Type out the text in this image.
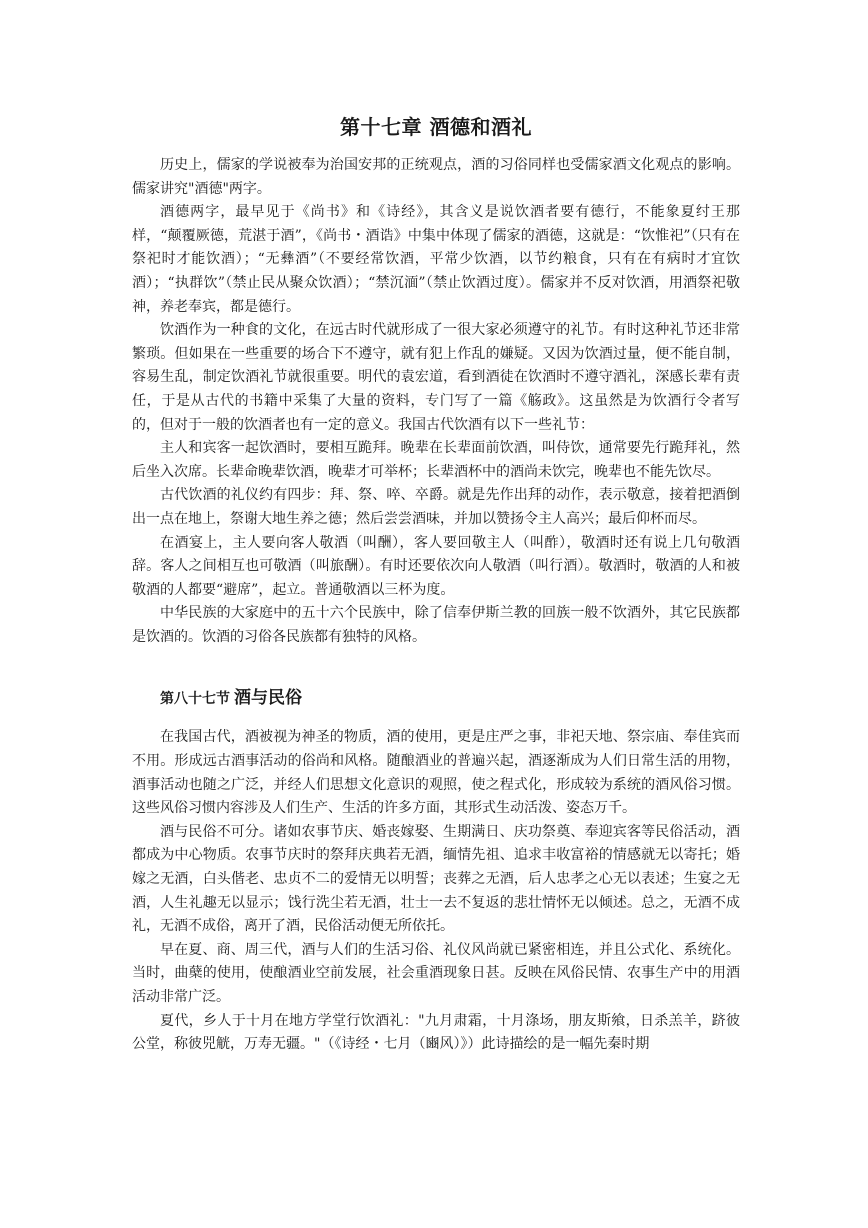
第十七章 酒德和酒礼

历史上，儒家的学说被奉为治国安邦的正统观点，酒的习俗同样也受儒家酒文化观点的影响。儒家讲究"酒德"两字。

酒德两字，最早见于《尚书》和《诗经》，其含义是说饮酒者要有德行，不能象夏纣王那样，“颠覆厥德，荒湛于酒”，《尚书・酒诰》中集中体现了儒家的酒德，这就是：“饮惟祀”（只有在祭祀时才能饮酒）；“无彝酒”（不要经常饮酒，平常少饮酒，以节约粮食，只有在有病时才宜饮酒）；“执群饮”（禁止民从聚众饮酒）；“禁沉湎”（禁止饮酒过度）。儒家并不反对饮酒，用酒祭祀敬神，养老奉宾，都是德行。

饮酒作为一种食的文化，在远古时代就形成了一很大家必须遵守的礼节。有时这种礼节还非常繁琐。但如果在一些重要的场合下不遵守，就有犯上作乱的嫌疑。又因为饮酒过量，便不能自制，容易生乱，制定饮酒礼节就很重要。明代的袁宏道，看到酒徒在饮酒时不遵守酒礼，深感长辈有责任，于是从古代的书籍中采集了大量的资料，专门写了一篇《觞政》。这虽然是为饮酒行令者写的，但对于一般的饮酒者也有一定的意义。我国古代饮酒有以下一些礼节：

主人和宾客一起饮酒时，要相互跪拜。晚辈在长辈面前饮酒，叫侍饮，通常要先行跪拜礼，然后坐入次席。长辈命晚辈饮酒，晚辈才可举杯；长辈酒杯中的酒尚未饮完，晚辈也不能先饮尽。

古代饮酒的礼仪约有四步：拜、祭、啐、卒爵。就是先作出拜的动作，表示敬意，接着把酒倒出一点在地上，祭谢大地生养之德；然后尝尝酒味，并加以赞扬令主人高兴；最后仰杯而尽。

在酒宴上，主人要向客人敬酒（叫酬），客人要回敬主人（叫酢），敬酒时还有说上几句敬酒辞。客人之间相互也可敬酒（叫旅酬）。有时还要依次向人敬酒（叫行酒）。敬酒时，敬酒的人和被敬酒的人都要“避席”，起立。普通敬酒以三杯为度。

中华民族的大家庭中的五十六个民族中，除了信奉伊斯兰教的回族一般不饮酒外，其它民族都是饮酒的。饮酒的习俗各民族都有独特的风格。

第八十七节 酒与民俗

在我国古代，酒被视为神圣的物质，酒的使用，更是庄严之事，非祀天地、祭宗庙、奉佳宾而不用。形成远古酒事活动的俗尚和风格。随酿酒业的普遍兴起，酒逐渐成为人们日常生活的用物，酒事活动也随之广泛，并经人们思想文化意识的观照，使之程式化，形成较为系统的酒风俗习惯。这些风俗习惯内容涉及人们生产、生活的许多方面，其形式生动活泼、姿态万千。

酒与民俗不可分。诸如农事节庆、婚丧嫁娶、生期满日、庆功祭奠、奉迎宾客等民俗活动，酒都成为中心物质。农事节庆时的祭拜庆典若无酒，缅情先祖、追求丰收富裕的情感就无以寄托；婚嫁之无酒，白头偕老、忠贞不二的爱情无以明誓；丧葬之无酒，后人忠孝之心无以表述；生宴之无酒，人生礼趣无以显示；饯行洗尘若无酒，壮士一去不复返的悲壮情怀无以倾述。总之，无酒不成礼，无酒不成俗，离开了酒，民俗活动便无所依托。

早在夏、商、周三代，酒与人们的生活习俗、礼仪风尚就已紧密相连，并且公式化、系统化。当时，曲蘖的使用，使酿酒业空前发展，社会重酒现象日甚。反映在风俗民情、农事生产中的用酒活动非常广泛。

夏代，乡人于十月在地方学堂行饮酒礼："九月肃霜，十月涤场，朋友斯飨，日杀羔羊，跻彼公堂，称彼兕觥，万寿无疆。"（《诗经・七月（豳风）》）此诗描绘的是一幅先秦时期
